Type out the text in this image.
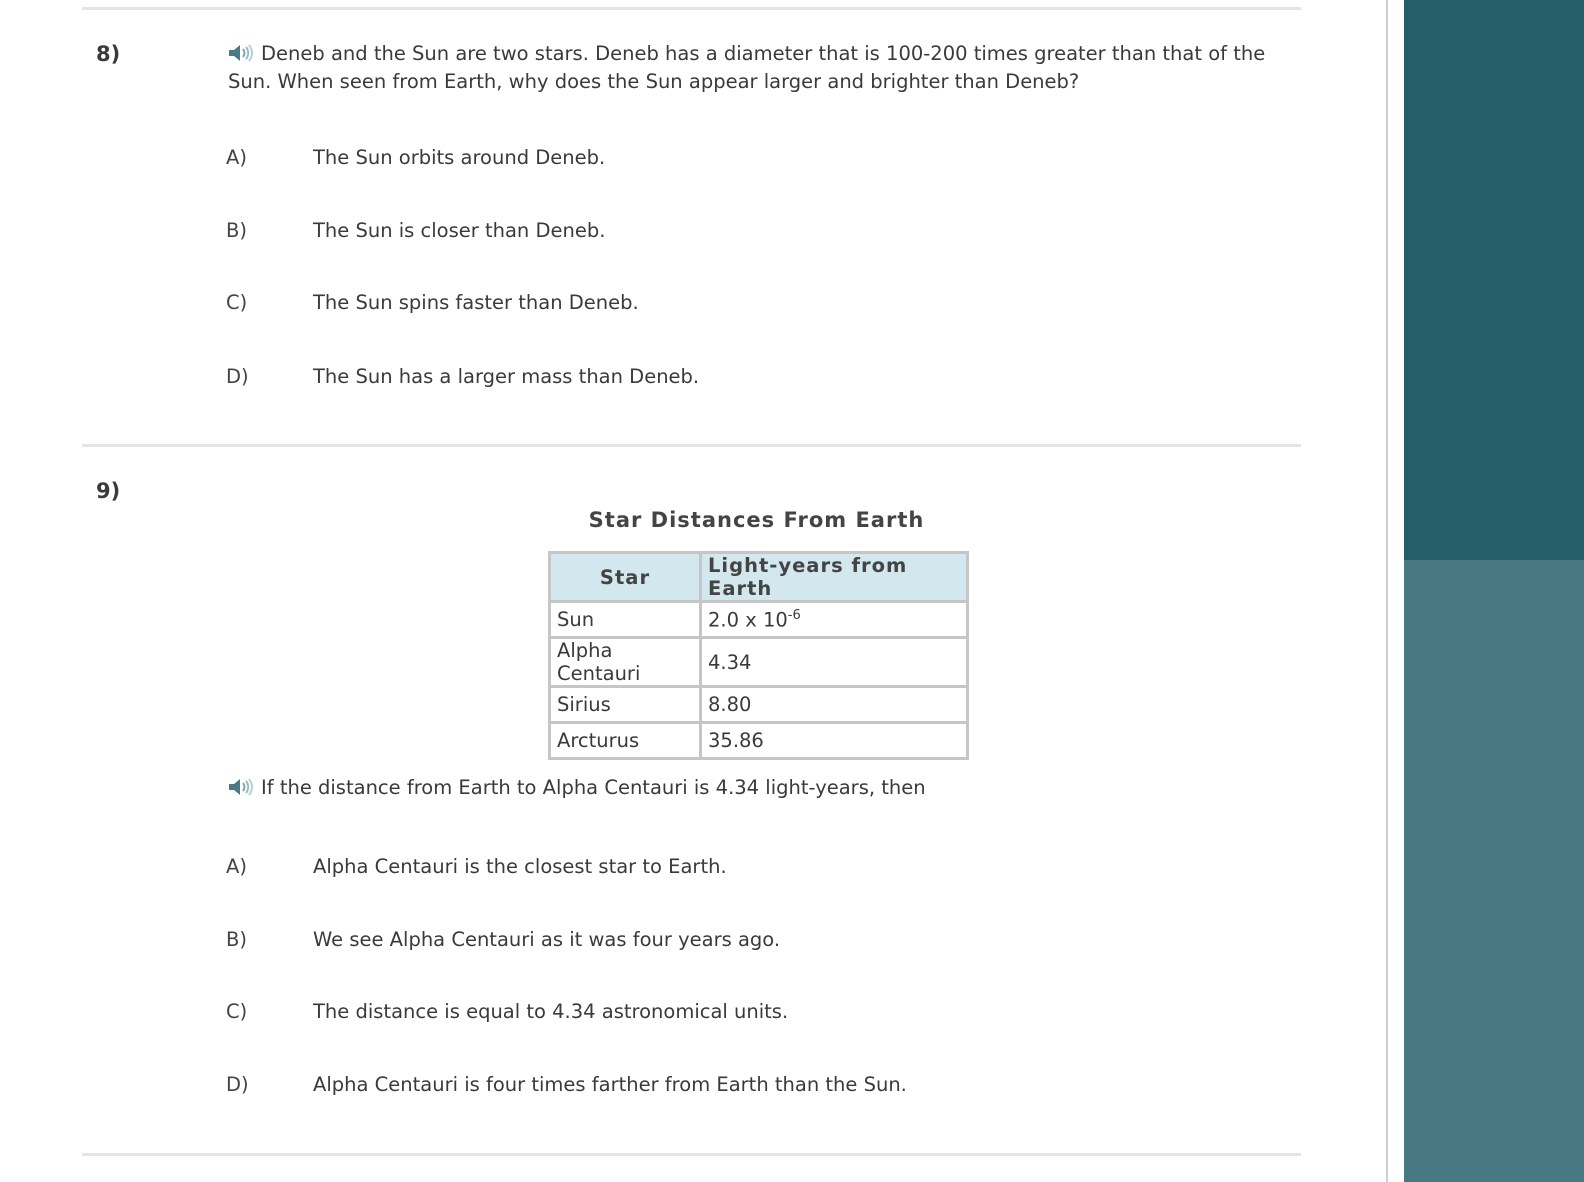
8)	Deneb and the Sun are two stars. Deneb has a diameter that is 100-200 times greater than that of the Sun. When seen from Earth, why does the Sun appear larger and brighter than Deneb?
A)	The Sun orbits around Deneb.
B)	The Sun is closer than Deneb.
C)	The Sun spins faster than Deneb.
D)	The Sun has a larger mass than Deneb.
9)
Star Distances From Earth
Star	Light-years from Earth
Sun	2.0 x $10^{-6}$
Alpha Centauri	4.34
Sirius	8.80
Arcturus	35.86
If the distance from Earth to Alpha Centauri is 4.34 light-years, then
A)	Alpha Centauri is the closest star to Earth.
B)	We see Alpha Centauri as it was four years ago.
C)	The distance is equal to 4.34 astronomical units.
D)	Alpha Centauri is four times farther from Earth than the Sun.
